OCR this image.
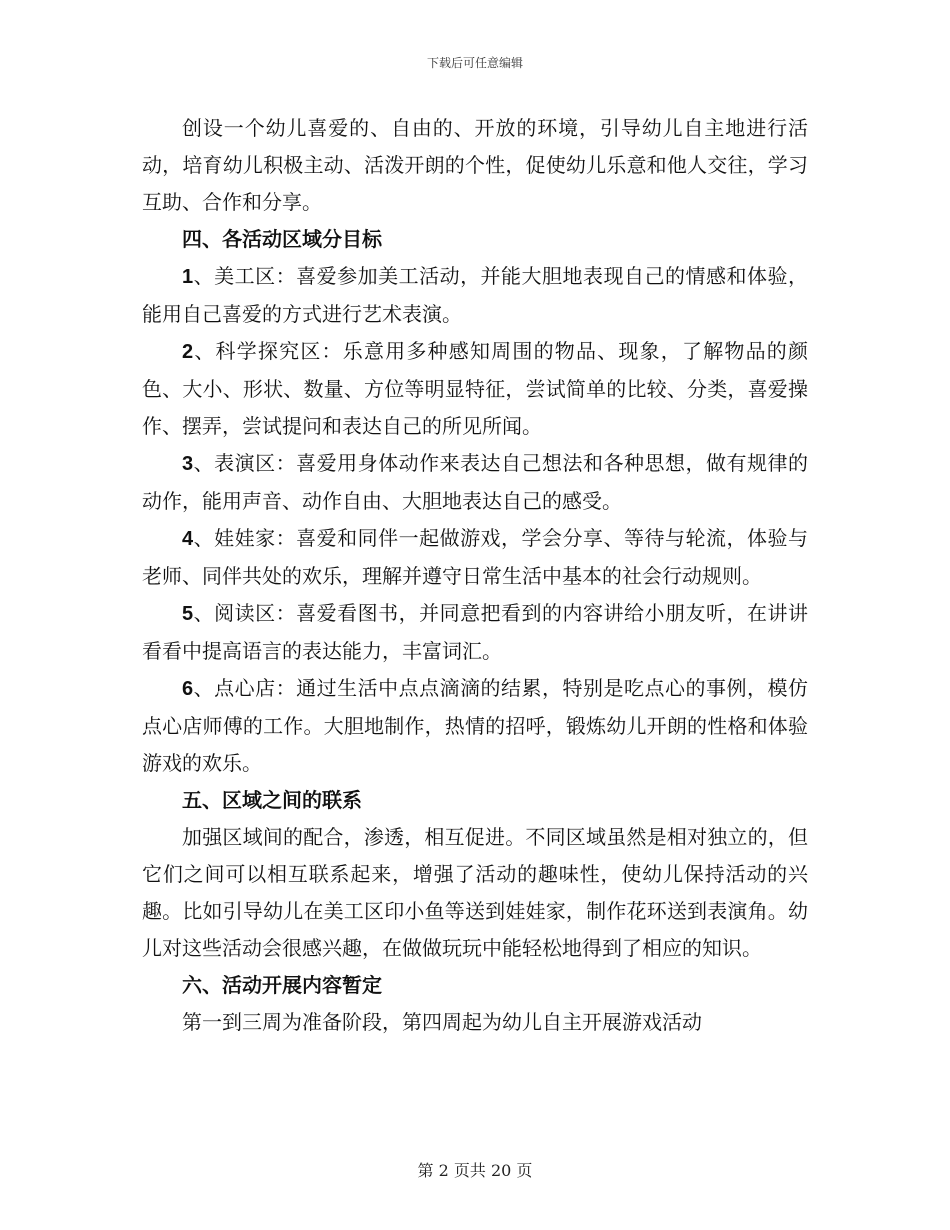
下载后可任意编辑

创设一个幼儿喜爱的、自由的、开放的环境，引导幼儿自主地进行活动，培育幼儿积极主动、活泼开朗的个性，促使幼儿乐意和他人交往，学习互助、合作和分享。

四、各活动区域分目标

1、美工区：喜爱参加美工活动，并能大胆地表现自己的情感和体验，能用自己喜爱的方式进行艺术表演。

2、科学探究区：乐意用多种感知周围的物品、现象，了解物品的颜色、大小、形状、数量、方位等明显特征，尝试简单的比较、分类，喜爱操作、摆弄，尝试提问和表达自己的所见所闻。

3、表演区：喜爱用身体动作来表达自己想法和各种思想，做有规律的动作，能用声音、动作自由、大胆地表达自己的感受。

4、娃娃家：喜爱和同伴一起做游戏，学会分享、等待与轮流，体验与老师、同伴共处的欢乐，理解并遵守日常生活中基本的社会行动规则。

5、阅读区：喜爱看图书，并同意把看到的内容讲给小朋友听，在讲讲看看中提高语言的表达能力，丰富词汇。

6、点心店：通过生活中点点滴滴的结累，特别是吃点心的事例，模仿点心店师傅的工作。大胆地制作，热情的招呼，锻炼幼儿开朗的性格和体验游戏的欢乐。

五、区域之间的联系

加强区域间的配合，渗透，相互促进。不同区域虽然是相对独立的，但它们之间可以相互联系起来，增强了活动的趣味性，使幼儿保持活动的兴趣。比如引导幼儿在美工区印小鱼等送到娃娃家，制作花环送到表演角。幼儿对这些活动会很感兴趣，在做做玩玩中能轻松地得到了相应的知识。

六、活动开展内容暂定

第一到三周为准备阶段，第四周起为幼儿自主开展游戏活动

第 2 页共 20 页
